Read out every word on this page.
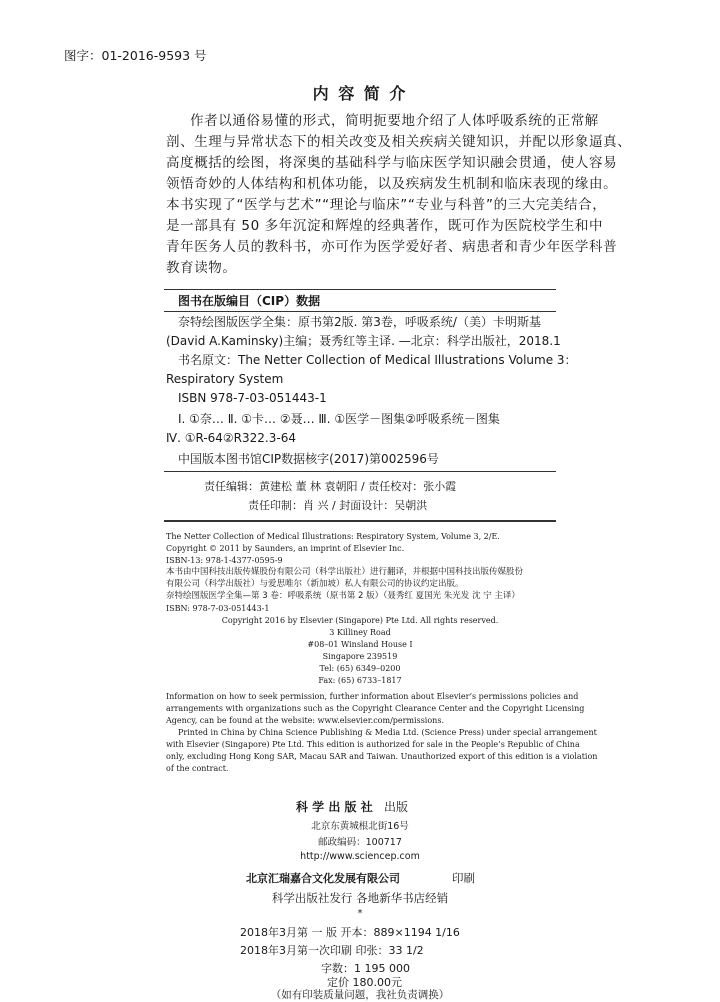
图字：01-2016-9593 号
内 容 简 介
作者以通俗易懂的形式，简明扼要地介绍了人体呼吸系统的正常解
剖、生理与异常状态下的相关改变及相关疾病关键知识，并配以形象逼真、
高度概括的绘图，将深奥的基础科学与临床医学知识融会贯通，使人容易
领悟奇妙的人体结构和机体功能，以及疾病发生机制和临床表现的缘由。
本书实现了“医学与艺术”“理论与临床”“专业与科普”的三大完美结合，
是一部具有 50 多年沉淀和辉煌的经典著作，既可作为医院校学生和中
青年医务人员的教科书，亦可作为医学爱好者、病患者和青少年医学科普
教育读物。
图书在版编目（CIP）数据
奈特绘图版医学全集：原书第2版. 第3卷，呼吸系统/（美）卡明斯基
(David A.Kaminsky)主编；聂秀红等主译. —北京：科学出版社，2018.1
书名原文：The Netter Collection of Medical Illustrations Volume 3：
Respiratory System
ISBN 978-7-03-051443-1
Ⅰ. ①奈… Ⅱ. ①卡… ②聂… Ⅲ. ①医学－图集②呼吸系统－图集
Ⅳ. ①R-64②R322.3-64
中国版本图书馆CIP数据核字(2017)第002596号
责任编辑：黄建松 董 林 袁朝阳 / 责任校对：张小霞
责任印制：肖 兴 / 封面设计：吴朝洪
The Netter Collection of Medical Illustrations: Respiratory System, Volume 3, 2/E.
Copyright © 2011 by Saunders, an imprint of Elsevier Inc.
ISBN-13: 978-1-4377-0595-9
本书由中国科技出版传媒股份有限公司（科学出版社）进行翻译，并根据中国科技出版传媒股份
有限公司（科学出版社）与爱思唯尔（新加坡）私人有限公司的协议约定出版。
奈特绘图版医学全集—第 3 卷：呼吸系统（原书第 2 版）（聂秀红 夏国光 朱光发 沈 宁 主译）
ISBN: 978-7-03-051443-1
Copyright 2016 by Elsevier (Singapore) Pte Ltd. All rights reserved.
3 Killiney Road
#08–01 Winsland House I
Singapore 239519
Tel: (65) 6349–0200
Fax: (65) 6733–1817
Information on how to seek permission, further information about Elsevier’s permissions policies and
arrangements with organizations such as the Copyright Clearance Center and the Copyright Licensing
Agency, can be found at the website: www.elsevier.com/permissions.
Printed in China by China Science Publishing & Media Ltd. (Science Press) under special arrangement
with Elsevier (Singapore) Pte Ltd. This edition is authorized for sale in the People’s Republic of China
only, excluding Hong Kong SAR, Macau SAR and Taiwan. Unauthorized export of this edition is a violation
of the contract.
科 学 出 版 社 出版
北京东黄城根北街16号
邮政编码：100717
http://www.sciencep.com
北京汇瑞嘉合文化发展有限公司	印刷
科学出版社发行 各地新华书店经销
*
2018年3月第 一 版 开本：889×1194 1/16
2018年3月第一次印刷 印张：33 1/2
字数：1 195 000
定价 180.00元
（如有印装质量问题，我社负责调换）
